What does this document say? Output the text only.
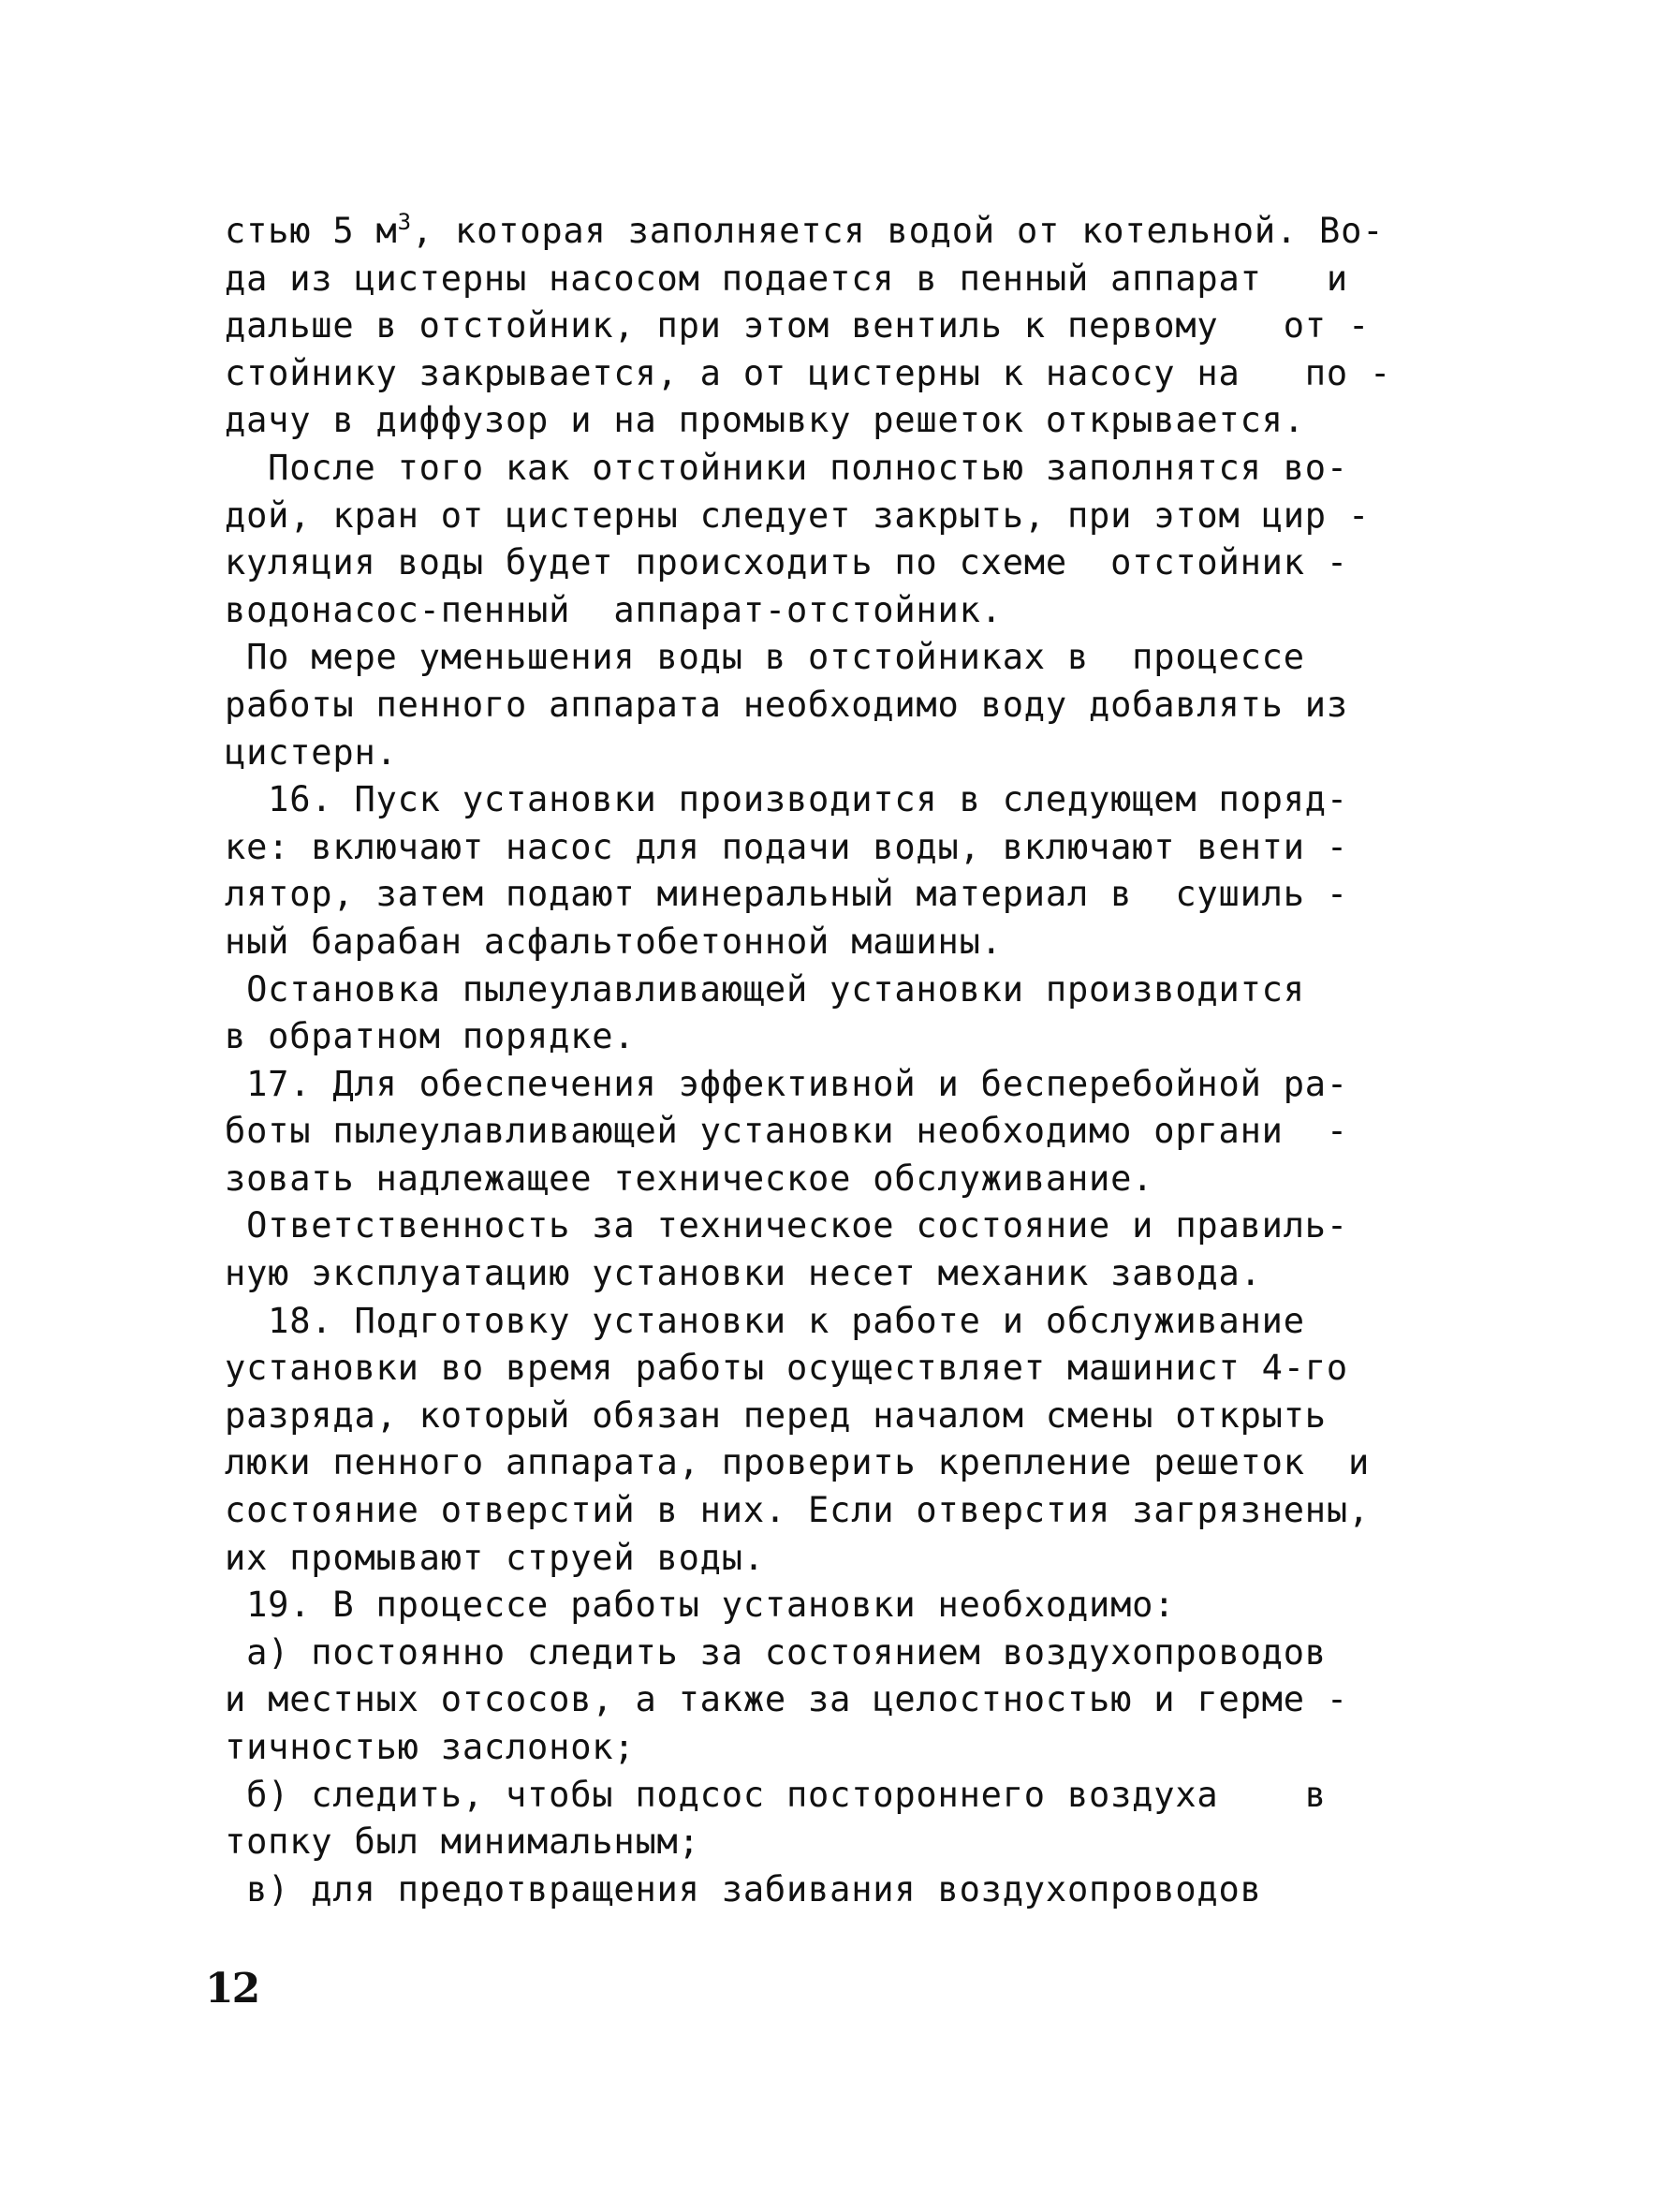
стью 5 $м^3$, которая заполняется водой от котельной. Во-
да из цистерны насосом подается в пенный аппарат   и
дальше в отстойник, при этом вентиль к первому   от -
стойнику закрывается, а от цистерны к насосу на   по -
дачу в диффузор и на промывку решеток открывается.
После того как отстойники полностью заполнятся во-
дой, кран от цистерны следует закрыть, при этом цир -
куляция воды будет происходить по схеме  отстойник -
водонасос-пенный  аппарат-отстойник.
По мере уменьшения воды в отстойниках в  процессе
работы пенного аппарата необходимо воду добавлять из
цистерн.
16. Пуск установки производится в следующем поряд-
ке: включают насос для подачи воды, включают венти -
лятор, затем подают минеральный материал в  сушиль -
ный барабан асфальтобетонной машины.
Остановка пылеулавливающей установки производится
в обратном порядке.
17. Для обеспечения эффективной и бесперебойной ра-
боты пылеулавливающей установки необходимо органи  -
зовать надлежащее техническое обслуживание.
Ответственность за техническое состояние и правиль-
ную эксплуатацию установки несет механик завода.
18. Подготовку установки к работе и обслуживание
установки во время работы осуществляет машинист 4-го
разряда, который обязан перед началом смены открыть
люки пенного аппарата, проверить крепление решеток  и
состояние отверстий в них. Если отверстия загрязнены,
их промывают струей воды.
19. В процессе работы установки необходимо:
а) постоянно следить за состоянием воздухопроводов
и местных отсосов, а также за целостностью и герме -
тичностью заслонок;
б) следить, чтобы подсос постороннего воздуха    в
топку был минимальным;
в) для предотвращения забивания воздухопроводов
12
